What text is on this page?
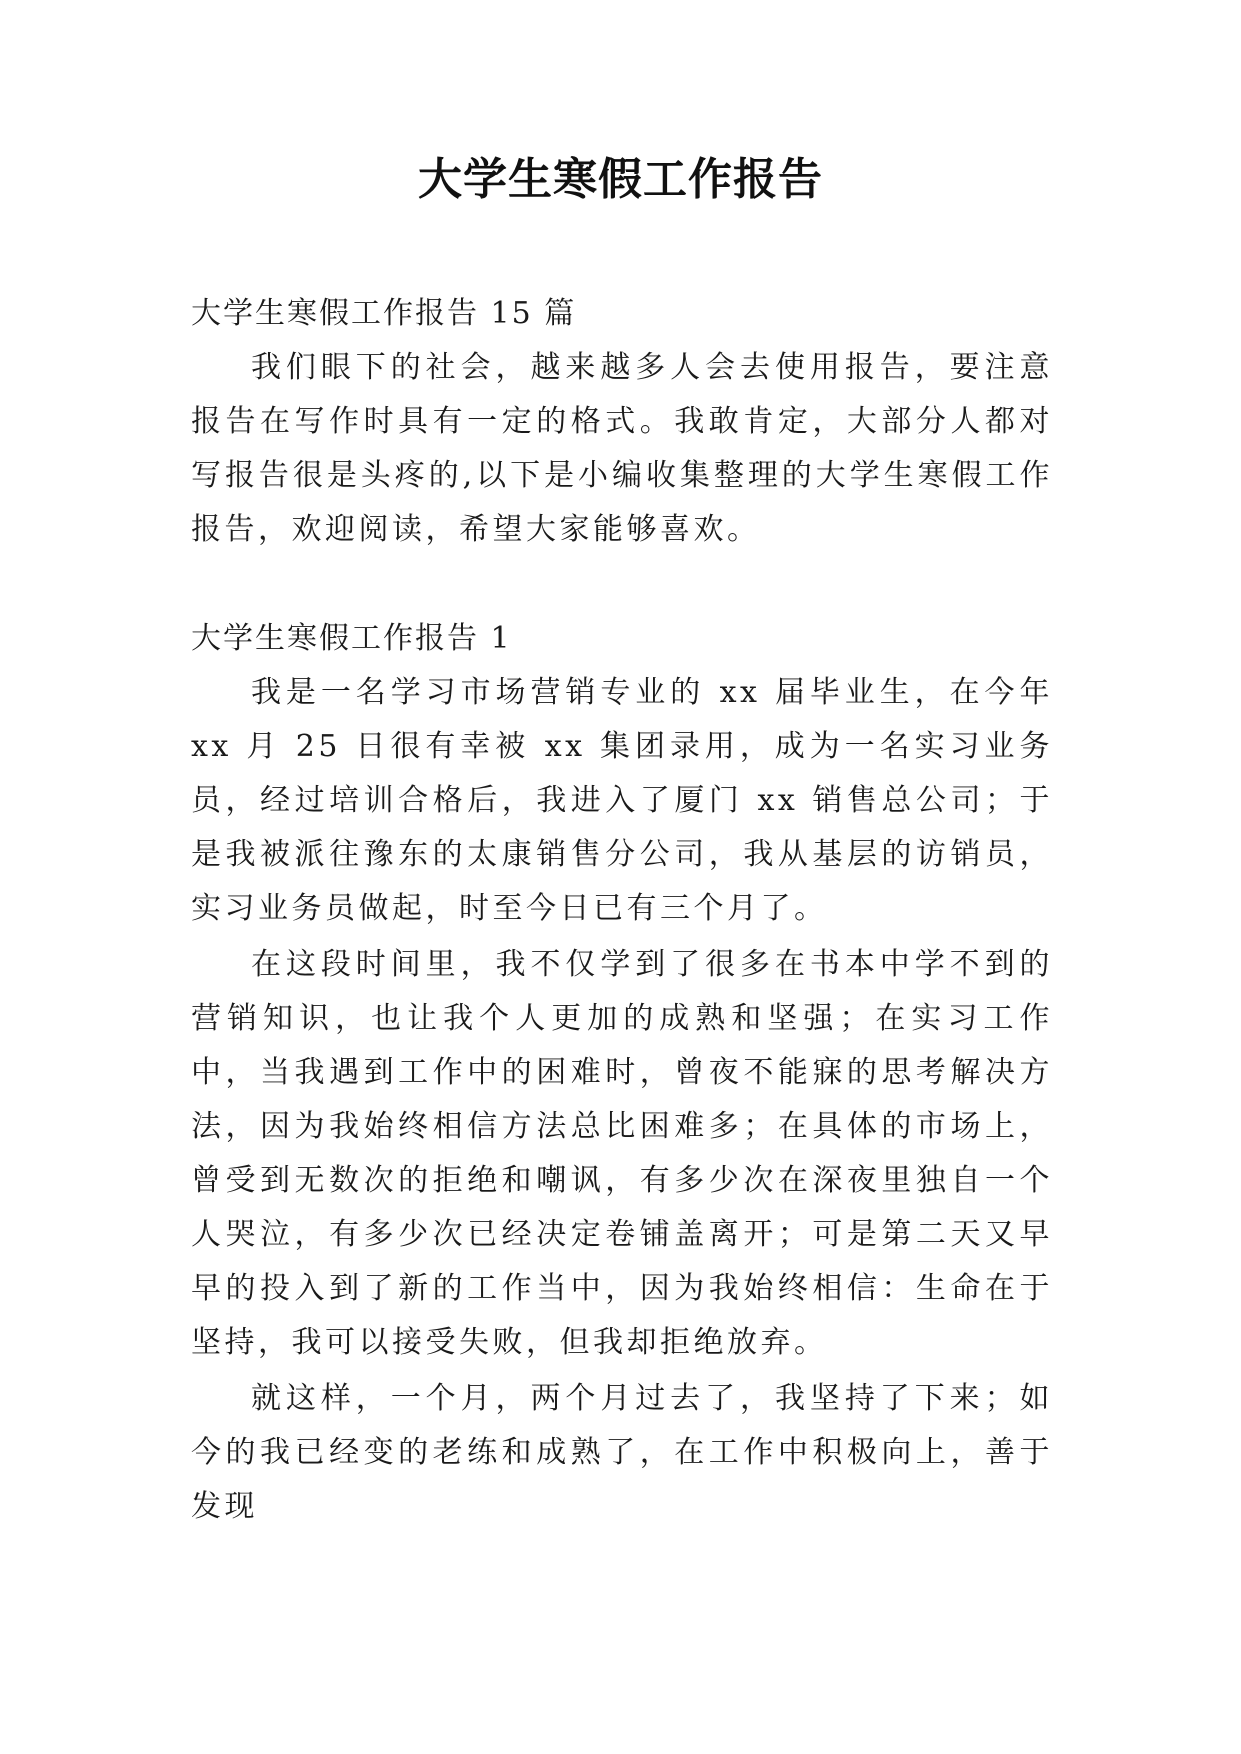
大学生寒假工作报告

大学生寒假工作报告 15 篇

我们眼下的社会，越来越多人会去使用报告，要注意报告在写作时具有一定的格式。我敢肯定，大部分人都对写报告很是头疼的,以下是小编收集整理的大学生寒假工作报告，欢迎阅读，希望大家能够喜欢。

大学生寒假工作报告 1

我是一名学习市场营销专业的 xx 届毕业生，在今年 xx 月 25 日很有幸被 xx 集团录用，成为一名实习业务员，经过培训合格后，我进入了厦门 xx 销售总公司；于是我被派往豫东的太康销售分公司，我从基层的访销员，实习业务员做起，时至今日已有三个月了。

在这段时间里，我不仅学到了很多在书本中学不到的营销知识，也让我个人更加的成熟和坚强；在实习工作中，当我遇到工作中的困难时，曾夜不能寐的思考解决方法，因为我始终相信方法总比困难多；在具体的市场上，曾受到无数次的拒绝和嘲讽，有多少次在深夜里独自一个人哭泣，有多少次已经决定卷铺盖离开；可是第二天又早早的投入到了新的工作当中，因为我始终相信：生命在于坚持，我可以接受失败，但我却拒绝放弃。

就这样，一个月，两个月过去了，我坚持了下来；如今的我已经变的老练和成熟了，在工作中积极向上，善于发现
